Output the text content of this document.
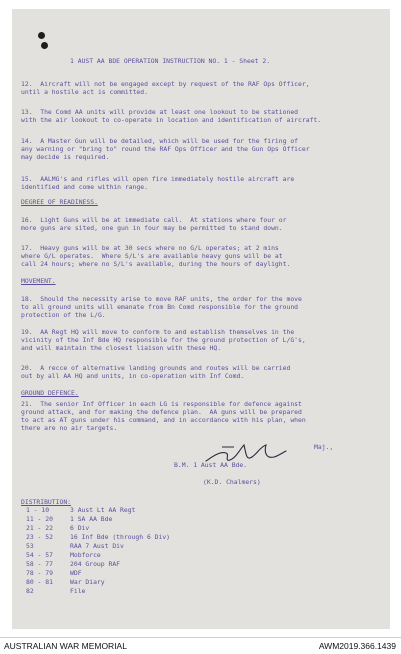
1 AUST AA BDE OPERATION INSTRUCTION NO. 1 - Sheet 2.
12.  Aircraft will not be engaged except by request of the RAF Ops Officer,
until a hostile act is committed.
13.  The Comd AA units will provide at least one lookout to be stationed
with the air lookout to co-operate in location and identification of aircraft.
14.  A Master Gun will be detailed, which will be used for the firing of
any warning or "bring to" round the RAF Ops Officer and the Gun Ops Officer
may decide is required.
15.  AALMG's and rifles will open fire immediately hostile aircraft are
identified and come within range.
DEGREE OF READINESS.
16.  Light Guns will be at immediate call.  At stations where four or
more guns are sited, one gun in four may be permitted to stand down.
17.  Heavy guns will be at 30 secs where no G/L operates; at 2 mins
where G/L operates.  Where S/L's are available heavy guns will be at
call 24 hours; where no S/L's available, during the hours of daylight.
MOVEMENT.
18.  Should the necessity arise to move RAF units, the order for the move
to all ground units will emanate from Bn Comd responsible for the ground
protection of the L/G.
19.  AA Regt HQ will move to conform to and establish themselves in the
vicinity of the Inf Bde HQ responsible for the ground protection of L/G's,
and will maintain the closest liaison with these HQ.
20.  A recce of alternative landing grounds and routes will be carried
out by all AA HQ and units, in co-operation with Inf Comd.
GROUND DEFENCE.
21.  The senior Inf Officer in each LG is responsible for defence against
ground attack, and for making the defence plan.  AA guns will be prepared
to act as AT guns under his command, and in accordance with his plan, when
there are no air targets.
Maj.,
B.M. 1 Aust AA Bde.
(K.D. Chalmers)
DISTRIBUTION:
1 - 10	3 Aust Lt AA Regt
11 - 20	1 SA AA Bde
21 - 22	6 Div
23 - 52	16 Inf Bde (through 6 Div)
53	RAA 7 Aust Div
54 - 57	Mobforce
58 - 77	204 Group RAF
78 - 79	WDF
80 - 81	War Diary
82	File
AUSTRALIAN WAR MEMORIAL	AWM2019.366.1439
